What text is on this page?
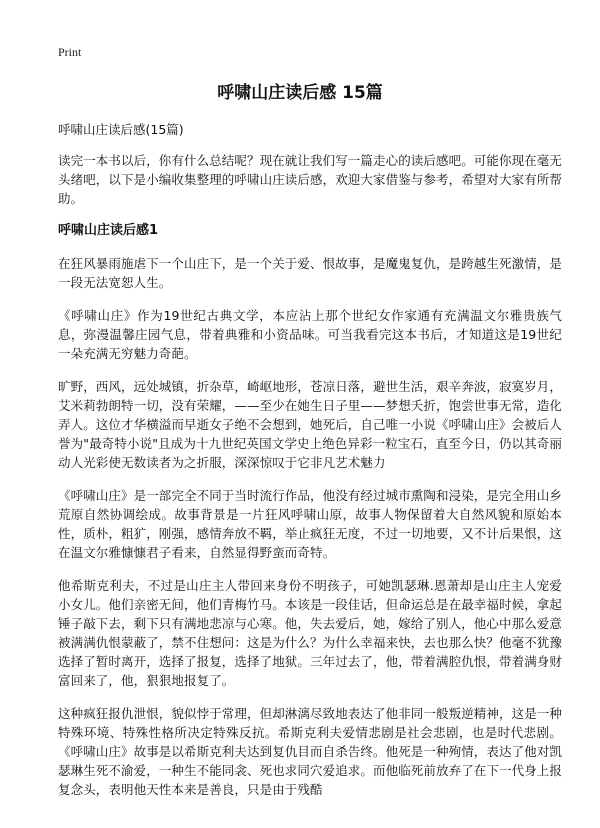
Print
呼啸山庄读后感 15篇
呼啸山庄读后感(15篇)

读完一本书以后，你有什么总结呢？现在就让我们写一篇走心的读后感吧。可能你现在毫无头绪吧，以下是小编收集整理的呼啸山庄读后感，欢迎大家借鉴与参考，希望对大家有所帮助。

呼啸山庄读后感1

在狂风暴雨施虐下一个山庄下，是一个关于爱、恨故事，是魔鬼复仇，是跨越生死激情，是一段无法宽恕人生。

《呼啸山庄》作为19世纪古典文学，本应沾上那个世纪女作家通有充满温文尔雅贵族气息，弥漫温馨庄园气息，带着典雅和小资品味。可当我看完这本书后，才知道这是19世纪一朵充满无穷魅力奇葩。

旷野，西风，远处城镇，折杂草，崎岖地形，苍凉日落，避世生活，艰辛奔波，寂寞岁月，艾米莉勃朗特一切，没有荣耀，——至少在她生日子里——梦想夭折，饱尝世事无常，造化弄人。这位才华横溢而早逝女子绝不会想到，她死后，自己唯一小说《呼啸山庄》会被后人誉为"最奇特小说"且成为十九世纪英国文学史上绝色异彩一粒宝石，直至今日，仍以其奇丽动人光彩使无数读者为之折服，深深惊叹于它非凡艺术魅力

《呼啸山庄》是一部完全不同于当时流行作品，他没有经过城市熏陶和浸染，是完全用山乡荒原自然协调绘成。故事背景是一片狂风呼啸山原，故事人物保留着大自然风貌和原始本性，质朴，粗犷，刚强，感情奔放不羁，举止疯狂无度，不过一切地要，又不计后果恨，这在温文尔雅慷慷君子看来，自然显得野蛮而奇特。

他希斯克利夫，不过是山庄主人带回来身份不明孩子，可她凯瑟琳.恩萧却是山庄主人宠爱小女儿。他们亲密无间，他们青梅竹马。本该是一段佳话，但命运总是在最幸福时候，拿起锤子敲下去，剩下只有满地悲凉与心寒。他，失去爱后，她，嫁给了别人，他心中那么爱意被满满仇恨蒙蔽了，禁不住想问：这是为什么？为什么幸福来快，去也那么快？他毫不犹豫选择了暂时离开，选择了报复，选择了地狱。三年过去了，他，带着满腔仇恨，带着满身财富回来了，他，狠狠地报复了。

这种疯狂报仇泄恨，貌似悖于常理，但却淋漓尽致地表达了他非同一般叛逆精神，这是一种特殊环境、特殊性格所决定特殊反抗。希斯克利夫爱情悲剧是社会悲剧，也是时代悲剧。《呼啸山庄》故事是以希斯克利夫达到复仇目而自杀告终。他死是一种殉情，表达了他对凯瑟琳生死不渝爱，一种生不能同衾、死也求同穴爱追求。而他临死前放弃了在下一代身上报复念头，表明他天性本来是善良，只是由于残酷
